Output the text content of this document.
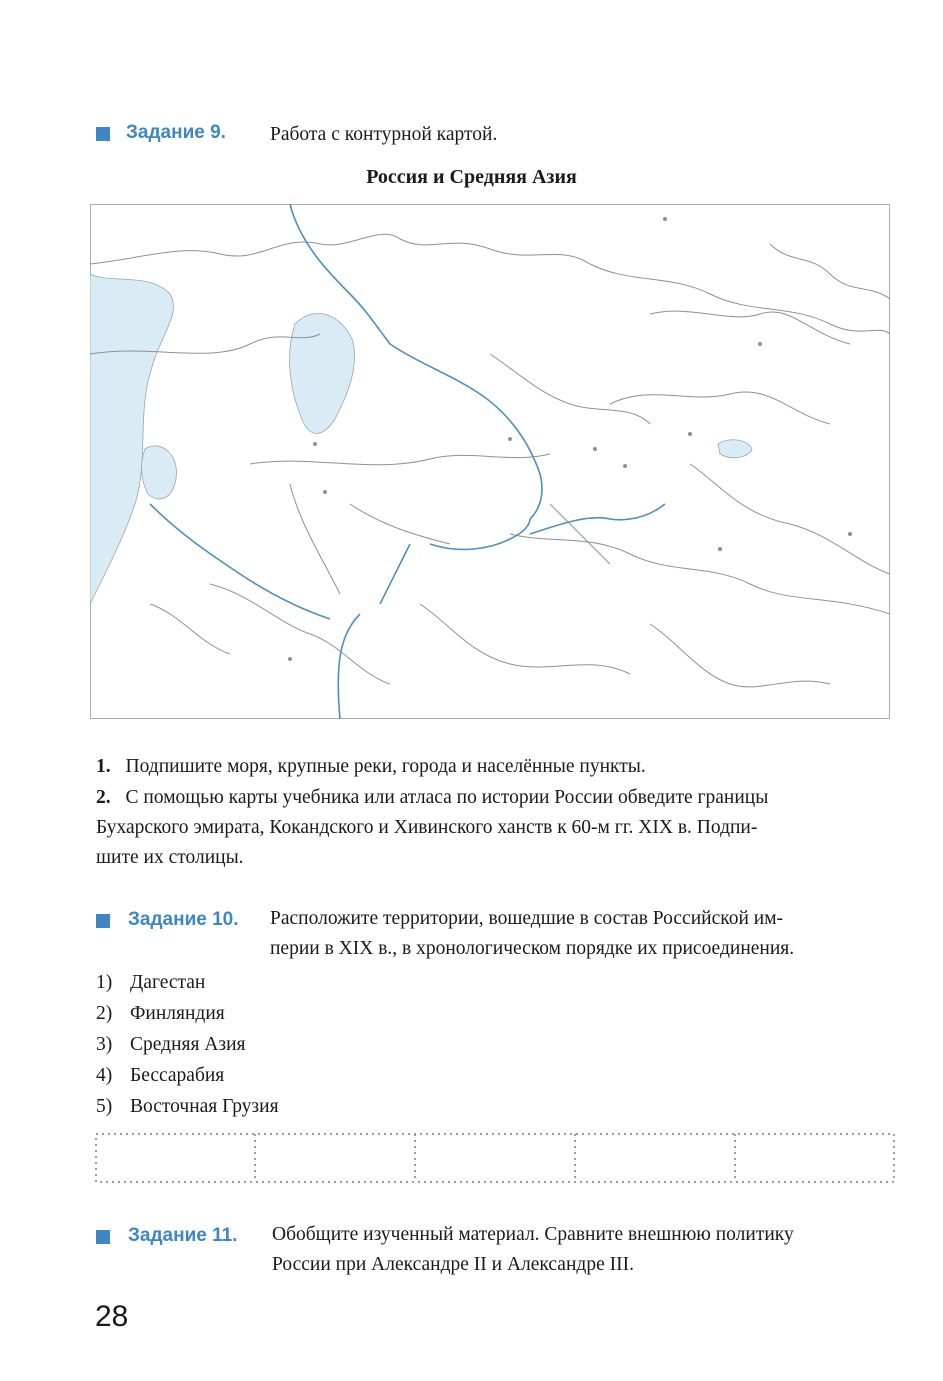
Задание 9. Работа с контурной картой.
Россия и Средняя Азия
1. Подпишите моря, крупные реки, города и населённые пункты.
2. С помощью карты учебника или атласа по истории России обведите границы
Бухарского эмирата, Кокандского и Хивинского ханств к 60-м гг. XIX в. Подпи-
шите их столицы.
Задание 10. Расположите территории, вошедшие в состав Российской им-
перии в XIX в., в хронологическом порядке их присоединения.
1) Дагестан
2) Финляндия
3) Средняя Азия
4) Бессарабия
5) Восточная Грузия
Задание 11. Обобщите изученный материал. Сравните внешнюю политику
России при Александре II и Александре III.
28
